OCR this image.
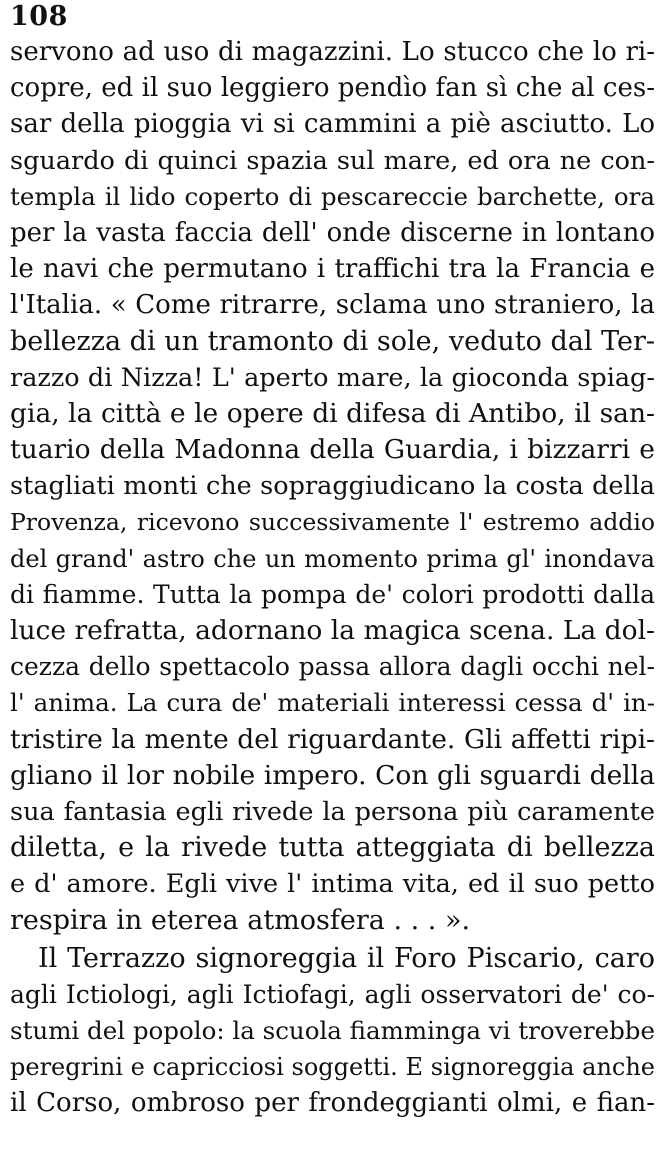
108
servono ad uso di magazzini. Lo stucco che lo ri-
copre, ed il suo leggiero pendìo fan sì che al ces-
sar della pioggia vi si cammini a piè asciutto. Lo
sguardo di quinci spazia sul mare, ed ora ne con-
templa il lido coperto di pescareccie barchette, ora
per la vasta faccia dell' onde discerne in lontano
le navi che permutano i traffichi tra la Francia e
l'Italia. « Come ritrarre, sclama uno straniero, la
bellezza di un tramonto di sole, veduto dal Ter-
razzo di Nizza! L' aperto mare, la gioconda spiag-
gia, la città e le opere di difesa di Antibo, il san-
tuario della Madonna della Guardia, i bizzarri e
stagliati monti che sopraggiudicano la costa della
Provenza, ricevono successivamente l' estremo addio
del grand' astro che un momento prima gl' inondava
di fiamme. Tutta la pompa de' colori prodotti dalla
luce refratta, adornano la magica scena. La dol-
cezza dello spettacolo passa allora dagli occhi nel-
l' anima. La cura de' materiali interessi cessa d' in-
tristire la mente del riguardante. Gli affetti ripi-
gliano il lor nobile impero. Con gli sguardi della
sua fantasia egli rivede la persona più caramente
diletta, e la rivede tutta atteggiata di bellezza
e d' amore. Egli vive l' intima vita, ed il suo petto
respira in eterea atmosfera . . . ».
Il Terrazzo signoreggia il Foro Piscario, caro
agli Ictiologi, agli Ictiofagi, agli osservatori de' co-
stumi del popolo: la scuola fiamminga vi troverebbe
peregrini e capricciosi soggetti. E signoreggia anche
il Corso, ombroso per frondeggianti olmi, e fian-
